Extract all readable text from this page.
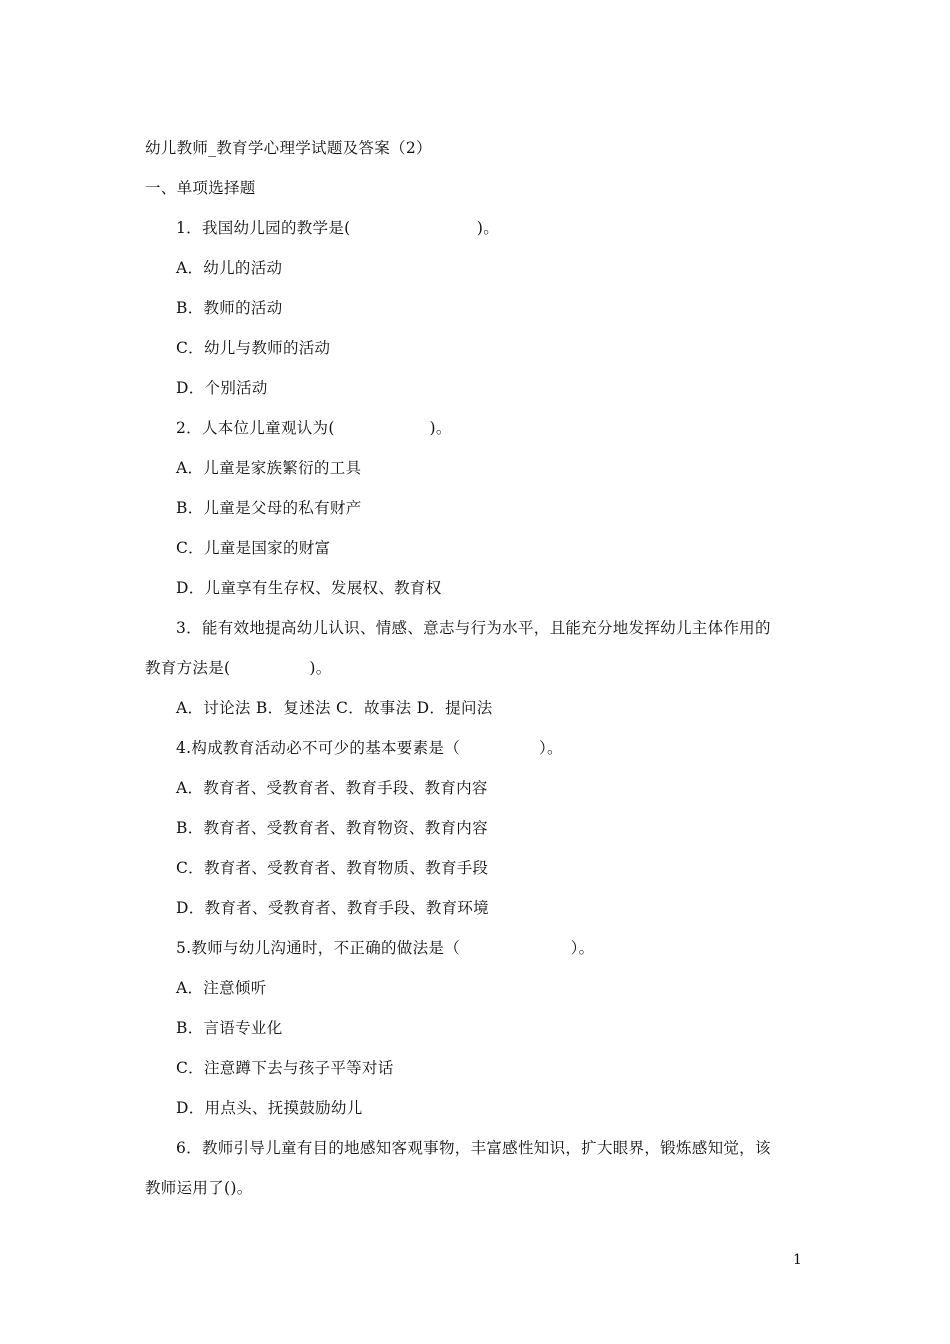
幼儿教师_教育学心理学试题及答案（2）
一、单项选择题
1．我国幼儿园的教学是(　　　　　　　　)。
A．幼儿的活动
B．教师的活动
C．幼儿与教师的活动
D．个别活动
2．人本位儿童观认为(　　　　　　)。
A．儿童是家族繁衍的工具
B．儿童是父母的私有财产
C．儿童是国家的财富
D．儿童享有生存权、发展权、教育权
3．能有效地提高幼儿认识、情感、意志与行为水平，且能充分地发挥幼儿主体作用的
教育方法是(　　　　　)。
A．讨论法 B．复述法 C．故事法 D．提问法
4.构成教育活动必不可少的基本要素是（　　　　　）。
A．教育者、受教育者、教育手段、教育内容
B．教育者、受教育者、教育物资、教育内容
C．教育者、受教育者、教育物质、教育手段
D．教育者、受教育者、教育手段、教育环境
5.教师与幼儿沟通时，不正确的做法是（　　　　　　　）。
A．注意倾听
B．言语专业化
C．注意蹲下去与孩子平等对话
D．用点头、抚摸鼓励幼儿
6．教师引导儿童有目的地感知客观事物，丰富感性知识，扩大眼界，锻炼感知觉，该
教师运用了()。
1
